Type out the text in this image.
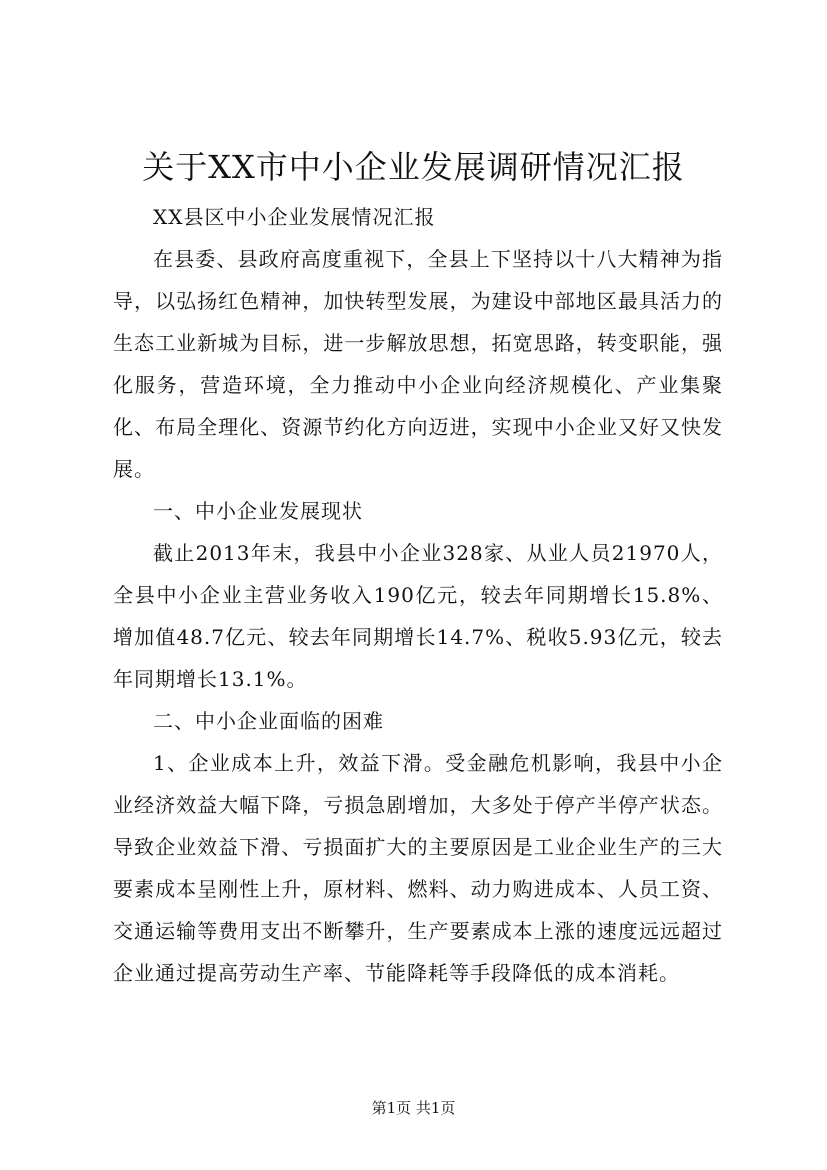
关于XX市中小企业发展调研情况汇报

XX县区中小企业发展情况汇报

在县委、县政府高度重视下，全县上下坚持以十八大精神为指导，以弘扬红色精神，加快转型发展，为建设中部地区最具活力的生态工业新城为目标，进一步解放思想，拓宽思路，转变职能，强化服务，营造环境，全力推动中小企业向经济规模化、产业集聚化、布局全理化、资源节约化方向迈进，实现中小企业又好又快发展。

一、中小企业发展现状

截止2013年末，我县中小企业328家、从业人员21970人，全县中小企业主营业务收入190亿元，较去年同期增长15.8%、增加值48.7亿元、较去年同期增长14.7%、税收5.93亿元，较去年同期增长13.1%。

二、中小企业面临的困难

1、企业成本上升，效益下滑。受金融危机影响，我县中小企业经济效益大幅下降，亏损急剧增加，大多处于停产半停产状态。导致企业效益下滑、亏损面扩大的主要原因是工业企业生产的三大要素成本呈刚性上升，原材料、燃料、动力购进成本、人员工资、交通运输等费用支出不断攀升，生产要素成本上涨的速度远远超过企业通过提高劳动生产率、节能降耗等手段降低的成本消耗。

第1页 共1页
